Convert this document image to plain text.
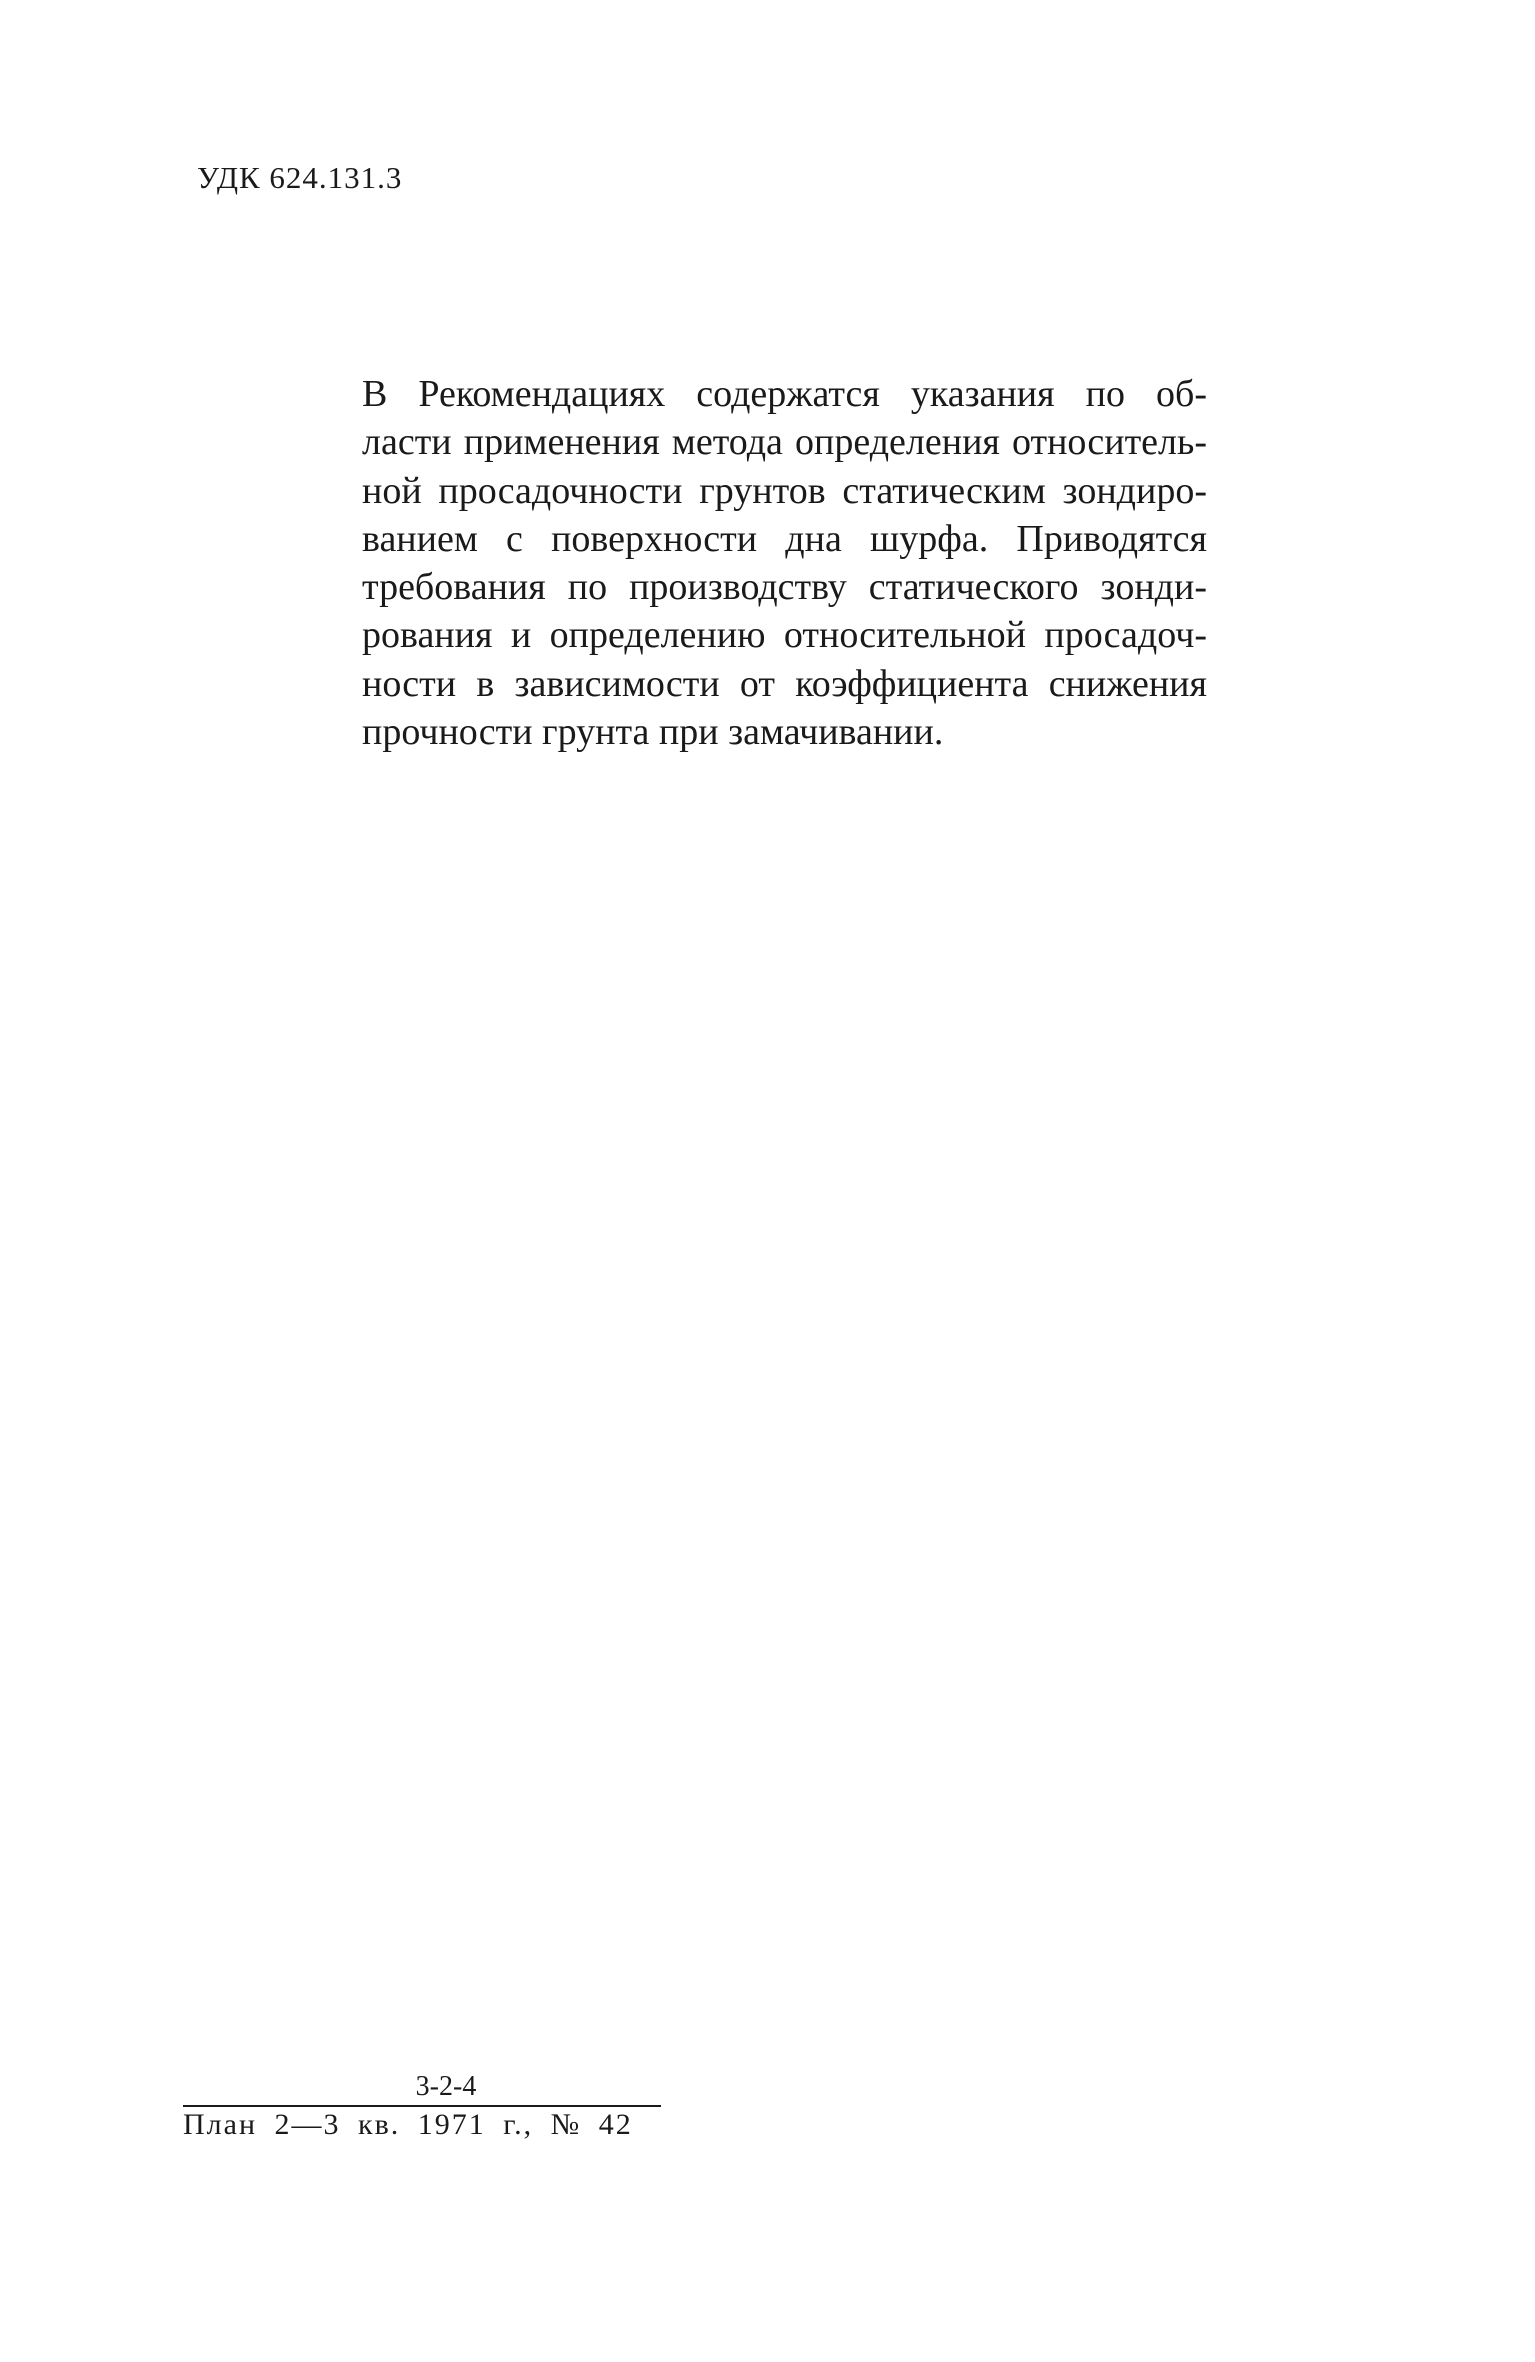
УДК 624.131.3
В Рекомендациях содержатся указания по об-
ласти применения метода определения относитель-
ной просадочности грунтов статическим зондиро-
ванием с поверхности дна шурфа. Приводятся
требования по производству статического зонди-
рования и определению относительной просадоч-
ности в зависимости от коэффициента снижения
прочности грунта при замачивании.
3-2-4
План 2—3 кв. 1971 г., № 42
